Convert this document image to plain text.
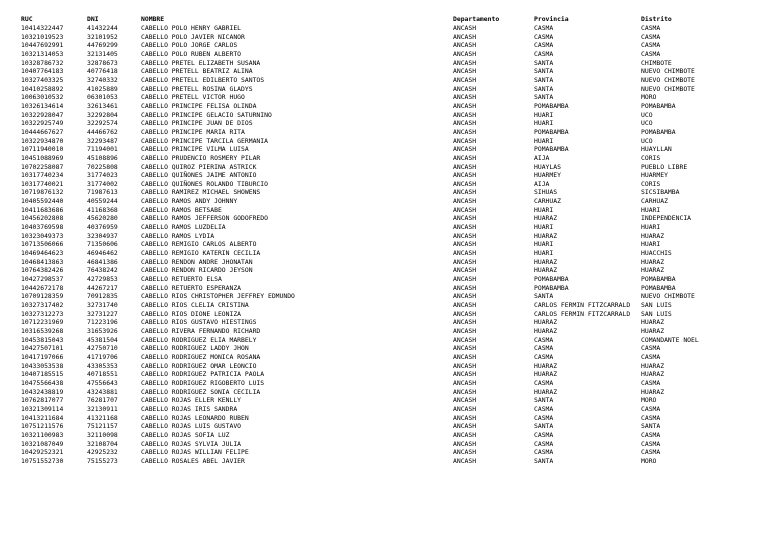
RUC	DNI	NOMBRE	Departamento	Provincia	Distrito
10414322447	41432244	CABELLO POLO HENRY GABRIEL	ANCASH	CASMA	CASMA
10321019523	32101952	CABELLO POLO JAVIER NICANOR	ANCASH	CASMA	CASMA
10447692991	44769299	CABELLO POLO JORGE CARLOS	ANCASH	CASMA	CASMA
10321314053	32131405	CABELLO POLO RUBEN ALBERTO	ANCASH	CASMA	CASMA
10328786732	32878673	CABELLO PRETEL ELIZABETH SUSANA	ANCASH	SANTA	CHIMBOTE
10407764183	40776418	CABELLO PRETELL BEATRIZ ALINA	ANCASH	SANTA	NUEVO CHIMBOTE
10327403325	32740332	CABELLO PRETELL EDILBERTO SANTOS	ANCASH	SANTA	NUEVO CHIMBOTE
10410258892	41025889	CABELLO PRETELL ROSINA GLADYS	ANCASH	SANTA	NUEVO CHIMBOTE
10063010532	06301053	CABELLO PRETELL VICTOR HUGO	ANCASH	SANTA	MORO
10326134614	32613461	CABELLO PRINCIPE FELISA OLINDA	ANCASH	POMABAMBA	POMABAMBA
10322928047	32292804	CABELLO PRINCIPE GELACIO SATURNINO	ANCASH	HUARI	UCO
10322925749	32292574	CABELLO PRINCIPE JUAN DE DIOS	ANCASH	HUARI	UCO
10444667627	44466762	CABELLO PRINCIPE MARIA RITA	ANCASH	POMABAMBA	POMABAMBA
10322934870	32293487	CABELLO PRINCIPE TARCILA GERMANIA	ANCASH	HUARI	UCO
10711940010	71194001	CABELLO PRINCIPE VILMA LUISA	ANCASH	POMABAMBA	HUAYLLAN
10451088969	45108896	CABELLO PRUDENCIO ROSMERY PILAR	ANCASH	AIJA	CORIS
10702258087	70225808	CABELLO QUIROZ PIERINA ASTRICK	ANCASH	HUAYLAS	PUEBLO LIBRE
10317740234	31774023	CABELLO QUIÑONES JAIME ANTONIO	ANCASH	HUARMEY	HUARMEY
10317740021	31774002	CABELLO QUIÑONES ROLANDO TIBURCIO	ANCASH	AIJA	CORIS
10719876132	71987613	CABELLO RAMIREZ MICHAEL SHOWENS	ANCASH	SIHUAS	SICSIBAMBA
10405592440	40559244	CABELLO RAMOS ANDY JOHNNY	ANCASH	CARHUAZ	CARHUAZ
10411683686	41168368	CABELLO RAMOS BETSABE	ANCASH	HUARI	HUARI
10456202808	45620280	CABELLO RAMOS JEFFERSON GODOFREDO	ANCASH	HUARAZ	INDEPENDENCIA
10403769598	40376959	CABELLO RAMOS LUZDELIA	ANCASH	HUARI	HUARI
10323049373	32304937	CABELLO RAMOS LYDIA	ANCASH	HUARAZ	HUARAZ
10713506066	71350606	CABELLO REMIGIO CARLOS ALBERTO	ANCASH	HUARI	HUARI
10469464623	46946462	CABELLO REMIGIO KATERIN CECILIA	ANCASH	HUARI	HUACCHIS
10468413863	46841386	CABELLO RENDON ANDRE JHONATAN	ANCASH	HUARAZ	HUARAZ
10764382426	76438242	CABELLO RENDON RICARDO JEYSON	ANCASH	HUARAZ	HUARAZ
10427298537	42729853	CABELLO RETUERTO ELSA	ANCASH	POMABAMBA	POMABAMBA
10442672178	44267217	CABELLO RETUERTO ESPERANZA	ANCASH	POMABAMBA	POMABAMBA
10709128359	70912835	CABELLO RIOS CHRISTOPHER JEFFREY EDMUNDO	ANCASH	SANTA	NUEVO CHIMBOTE
10327317402	32731740	CABELLO RIOS CLELIA CRISTINA	ANCASH	CARLOS FERMIN FITZCARRALD	SAN LUIS
10327312273	32731227	CABELLO RIOS DIONE LEONIZA	ANCASH	CARLOS FERMIN FITZCARRALD	SAN LUIS
10712231969	71223196	CABELLO RIOS GUSTAVO HIESTINGS	ANCASH	HUARAZ	HUARAZ
10316539268	31653926	CABELLO RIVERA FERNANDO RICHARD	ANCASH	HUARAZ	HUARAZ
10453815043	45381504	CABELLO RODRIGUEZ ELIA MARBELY	ANCASH	CASMA	COMANDANTE NOEL
10427507101	42750710	CABELLO RODRIGUEZ LADDY JHON	ANCASH	CASMA	CASMA
10417197066	41719706	CABELLO RODRIGUEZ MONICA ROSANA	ANCASH	CASMA	CASMA
10433053538	43305353	CABELLO RODRIGUEZ OMAR LEONCIO	ANCASH	HUARAZ	HUARAZ
10407185515	40718551	CABELLO RODRIGUEZ PATRICIA PAOLA	ANCASH	HUARAZ	HUARAZ
10475566438	47556643	CABELLO RODRIGUEZ RIGOBERTO LUIS	ANCASH	CASMA	CASMA
10432438819	43243881	CABELLO RODRIGUEZ SONIA CECILIA	ANCASH	HUARAZ	HUARAZ
10762817077	76281707	CABELLO ROJAS ELLER KENLLY	ANCASH	SANTA	MORO
10321309114	32130911	CABELLO ROJAS IRIS SANDRA	ANCASH	CASMA	CASMA
10413211684	41321168	CABELLO ROJAS LEONARDO RUBEN	ANCASH	CASMA	CASMA
10751211576	75121157	CABELLO ROJAS LUIS GUSTAVO	ANCASH	SANTA	SANTA
10321100983	32110098	CABELLO ROJAS SOFIA LUZ	ANCASH	CASMA	CASMA
10321087049	32108704	CABELLO ROJAS SYLVIA JULIA	ANCASH	CASMA	CASMA
10429252321	42925232	CABELLO ROJAS WILLIAN FELIPE	ANCASH	CASMA	CASMA
10751552730	75155273	CABELLO ROSALES ABEL JAVIER	ANCASH	SANTA	MORO
